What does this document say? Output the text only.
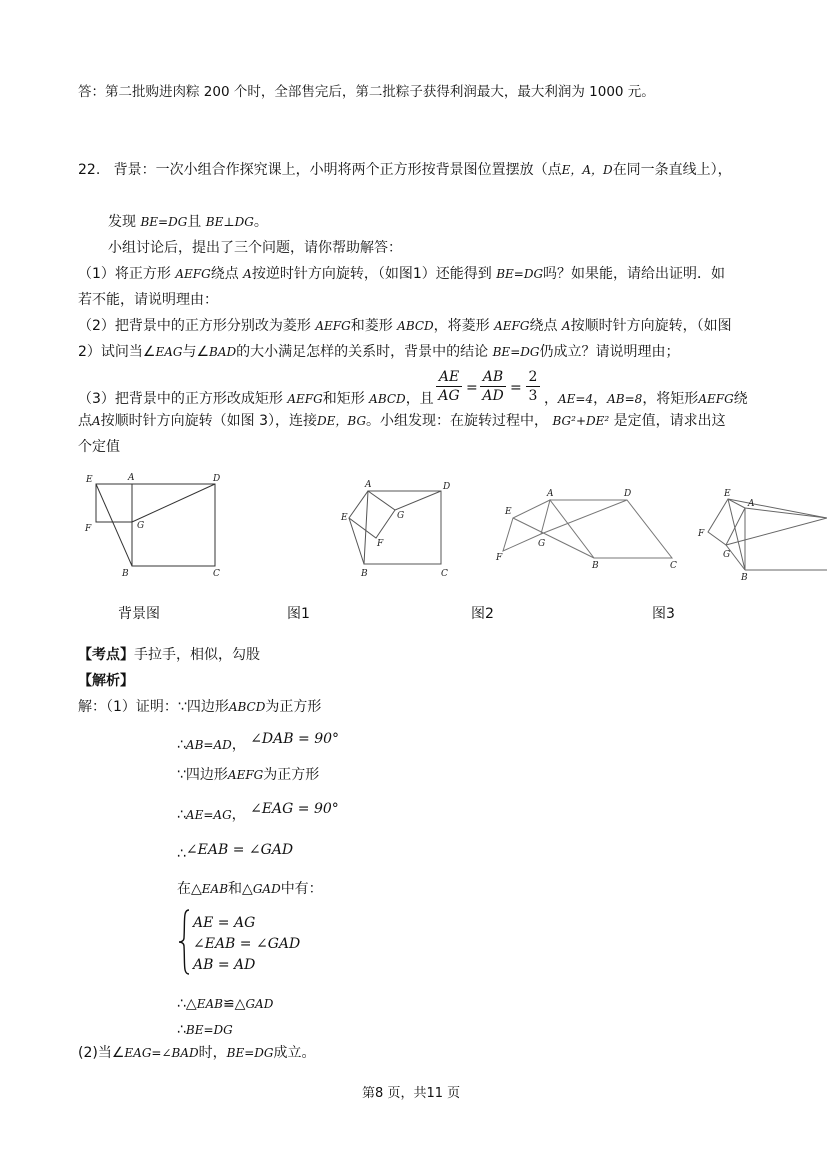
答：第二批购进肉粽 200 个时，全部售完后，第二批粽子获得利润最大，最大利润为 1000 元。
22. 背景：一次小组合作探究课上，小明将两个正方形按背景图位置摆放（点E，A，D在同一条直线上），
发现 BE=DG且 BE⊥DG。
小组讨论后，提出了三个问题，请你帮助解答：
（1）将正方形 AEFG绕点 A按逆时针方向旋转，（如图1）还能得到 BE=DG吗？如果能，请给出证明．如
若不能，请说明理由：
（2）把背景中的正方形分别改为菱形 AEFG和菱形 ABCD，将菱形 AEFG绕点 A按顺时针方向旋转，（如图
2）试问当∠EAG与∠BAD的大小满足怎样的关系时，背景中的结论 BE=DG仍成立？请说明理由；
（3）把背景中的正方形改成矩形 AEFG和矩形 ABCD，且
AE
AG =
AB
AD =
2
3 ，AE=4，AB=8，将矩形AEFG绕
点A按顺时针方向旋转（如图 3），连接DE，BG。小组发现：在旋转过程中， BG²+DE² 是定值，请求出这
个定值
E	A	D
F	G
B	C
A	D
E	G
F
B	C
A	D
E
G
F
B	C
E
A
F
G
B
背景图	图1	图2	图3
【考点】手拉手，相似，勾股
【解析】
解：（1）证明：∵四边形ABCD为正方形
∴AB=AD， ∠DAB = 90°
∵四边形AEFG为正方形
∴AE=AG， ∠EAG = 90°
∴∠EAB = ∠GAD
在△EAB和△GAD中有：
AE = AG
∠EAB = ∠GAD
AB = AD
∴△EAB≌△GAD
∴BE=DG
(2)当∠EAG=∠BAD时，BE=DG成立。
第8 页，共11 页
